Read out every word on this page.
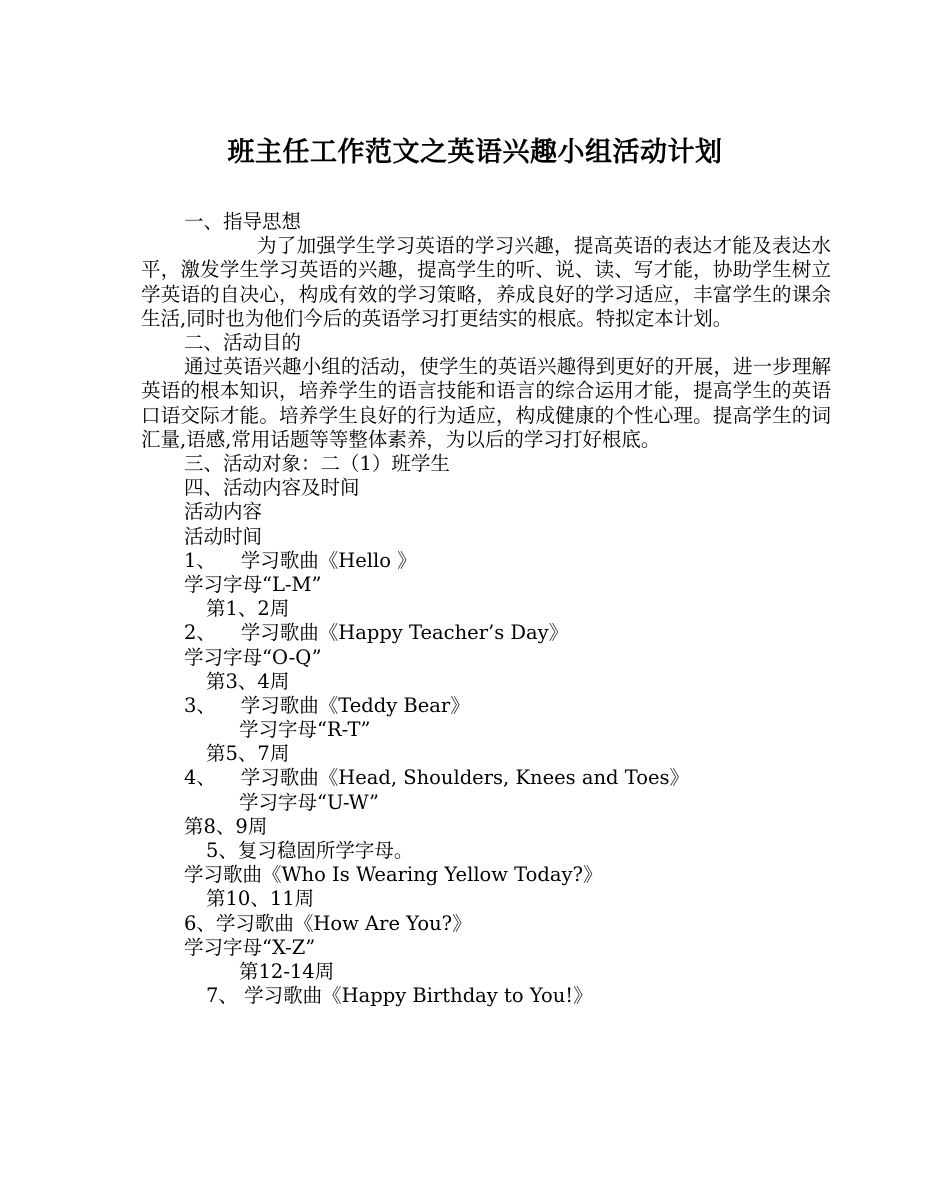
班主任工作范文之英语兴趣小组活动计划
一、指导思想
为了加强学生学习英语的学习兴趣，提高英语的表达才能及表达水平，激发学生学习英语的兴趣，提高学生的听、说、读、写才能，协助学生树立学英语的自决心，构成有效的学习策略，养成良好的学习适应，丰富学生的课余生活,同时也为他们今后的英语学习打更结实的根底。特拟定本计划。
二、活动目的
通过英语兴趣小组的活动，使学生的英语兴趣得到更好的开展，进一步理解英语的根本知识，培养学生的语言技能和语言的综合运用才能，提高学生的英语口语交际才能。培养学生良好的行为适应，构成健康的个性心理。提高学生的词汇量,语感,常用话题等等整体素养，为以后的学习打好根底。
三、活动对象：二（1）班学生
四、活动内容及时间
活动内容
活动时间
1、    学习歌曲《Hello 》
学习字母“L-M”
第1、2周
2、    学习歌曲《Happy Teacher’s Day》
学习字母“O-Q”
第3、4周
3、    学习歌曲《Teddy Bear》
学习字母“R-T”
第5、7周
4、    学习歌曲《Head, Shoulders, Knees and Toes》
学习字母“U-W”
第8、9周
5、复习稳固所学字母。
学习歌曲《Who Is Wearing Yellow Today?》
第10、11周
6、学习歌曲《How Are You?》
学习字母“X-Z”
第12-14周
7、 学习歌曲《Happy Birthday to You!》
